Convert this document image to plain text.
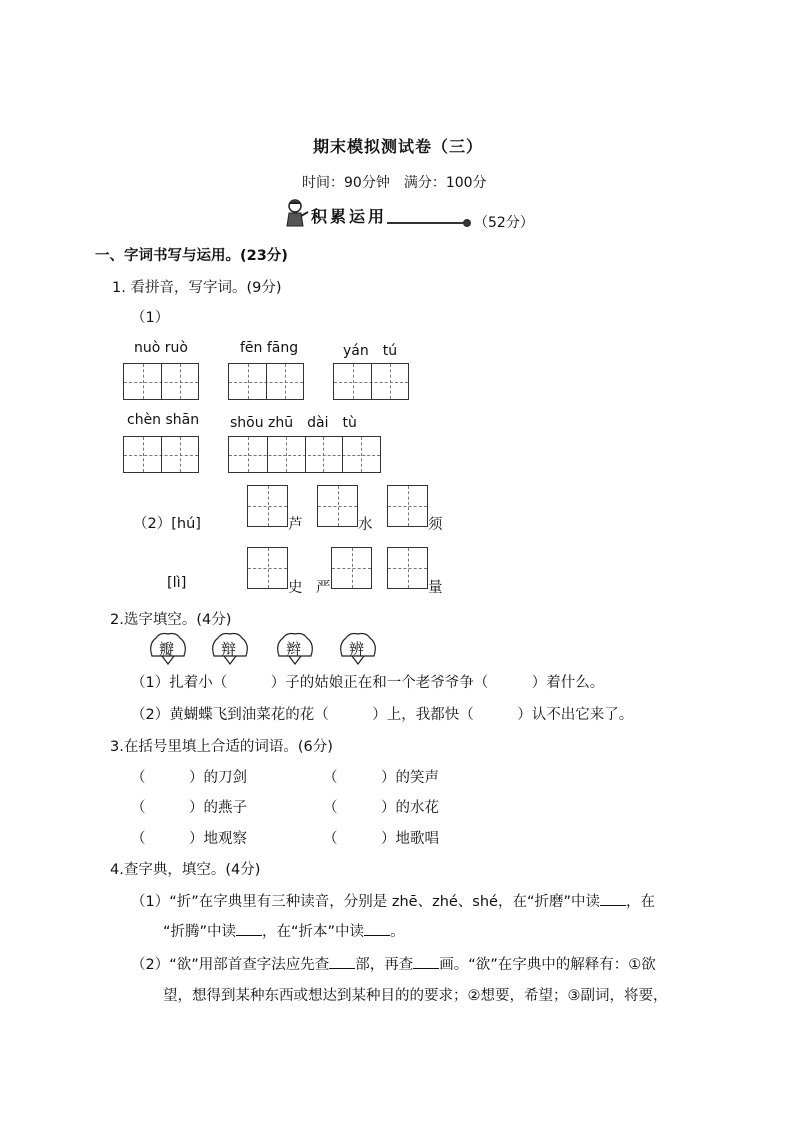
期末模拟测试卷（三）
时间：90分钟　满分：100分
积累运用	（52分）
一、字词书写与运用。(23分)
1. 看拼音，写字词。(9分)
（1）
nuò ruò	fēn fāng	yán　tú
chèn shān shōu zhū　dài　tù
（2）[hú]	芦	水	须
[lì]	史 严	量
2.选字填空。(4分)
瓣	辩	辫	辨
（1）扎着小（　　　）子的姑娘正在和一个老爷爷争（　　　）着什么。
（2）黄蝴蝶飞到油菜花的花（　　　）上，我都快（　　　）认不出它来了。
3.在括号里填上合适的词语。(6分)
（　　　）的刀剑	（　　　）的笑声
（　　　）的燕子	（　　　）的水花
（　　　）地观察	（　　　）地歌唱
4.查字典，填空。(4分)
（1）“折”在字典里有三种读音，分别是 zhē、zhé、shé，在“折磨”中读 ，在
“折腾”中读 ，在“折本”中读 。
（2）“欲”用部首查字法应先查 部，再查 画。“欲”在字典中的解释有：①欲
望，想得到某种东西或想达到某种目的的要求；②想要，希望；③副词，将要，
